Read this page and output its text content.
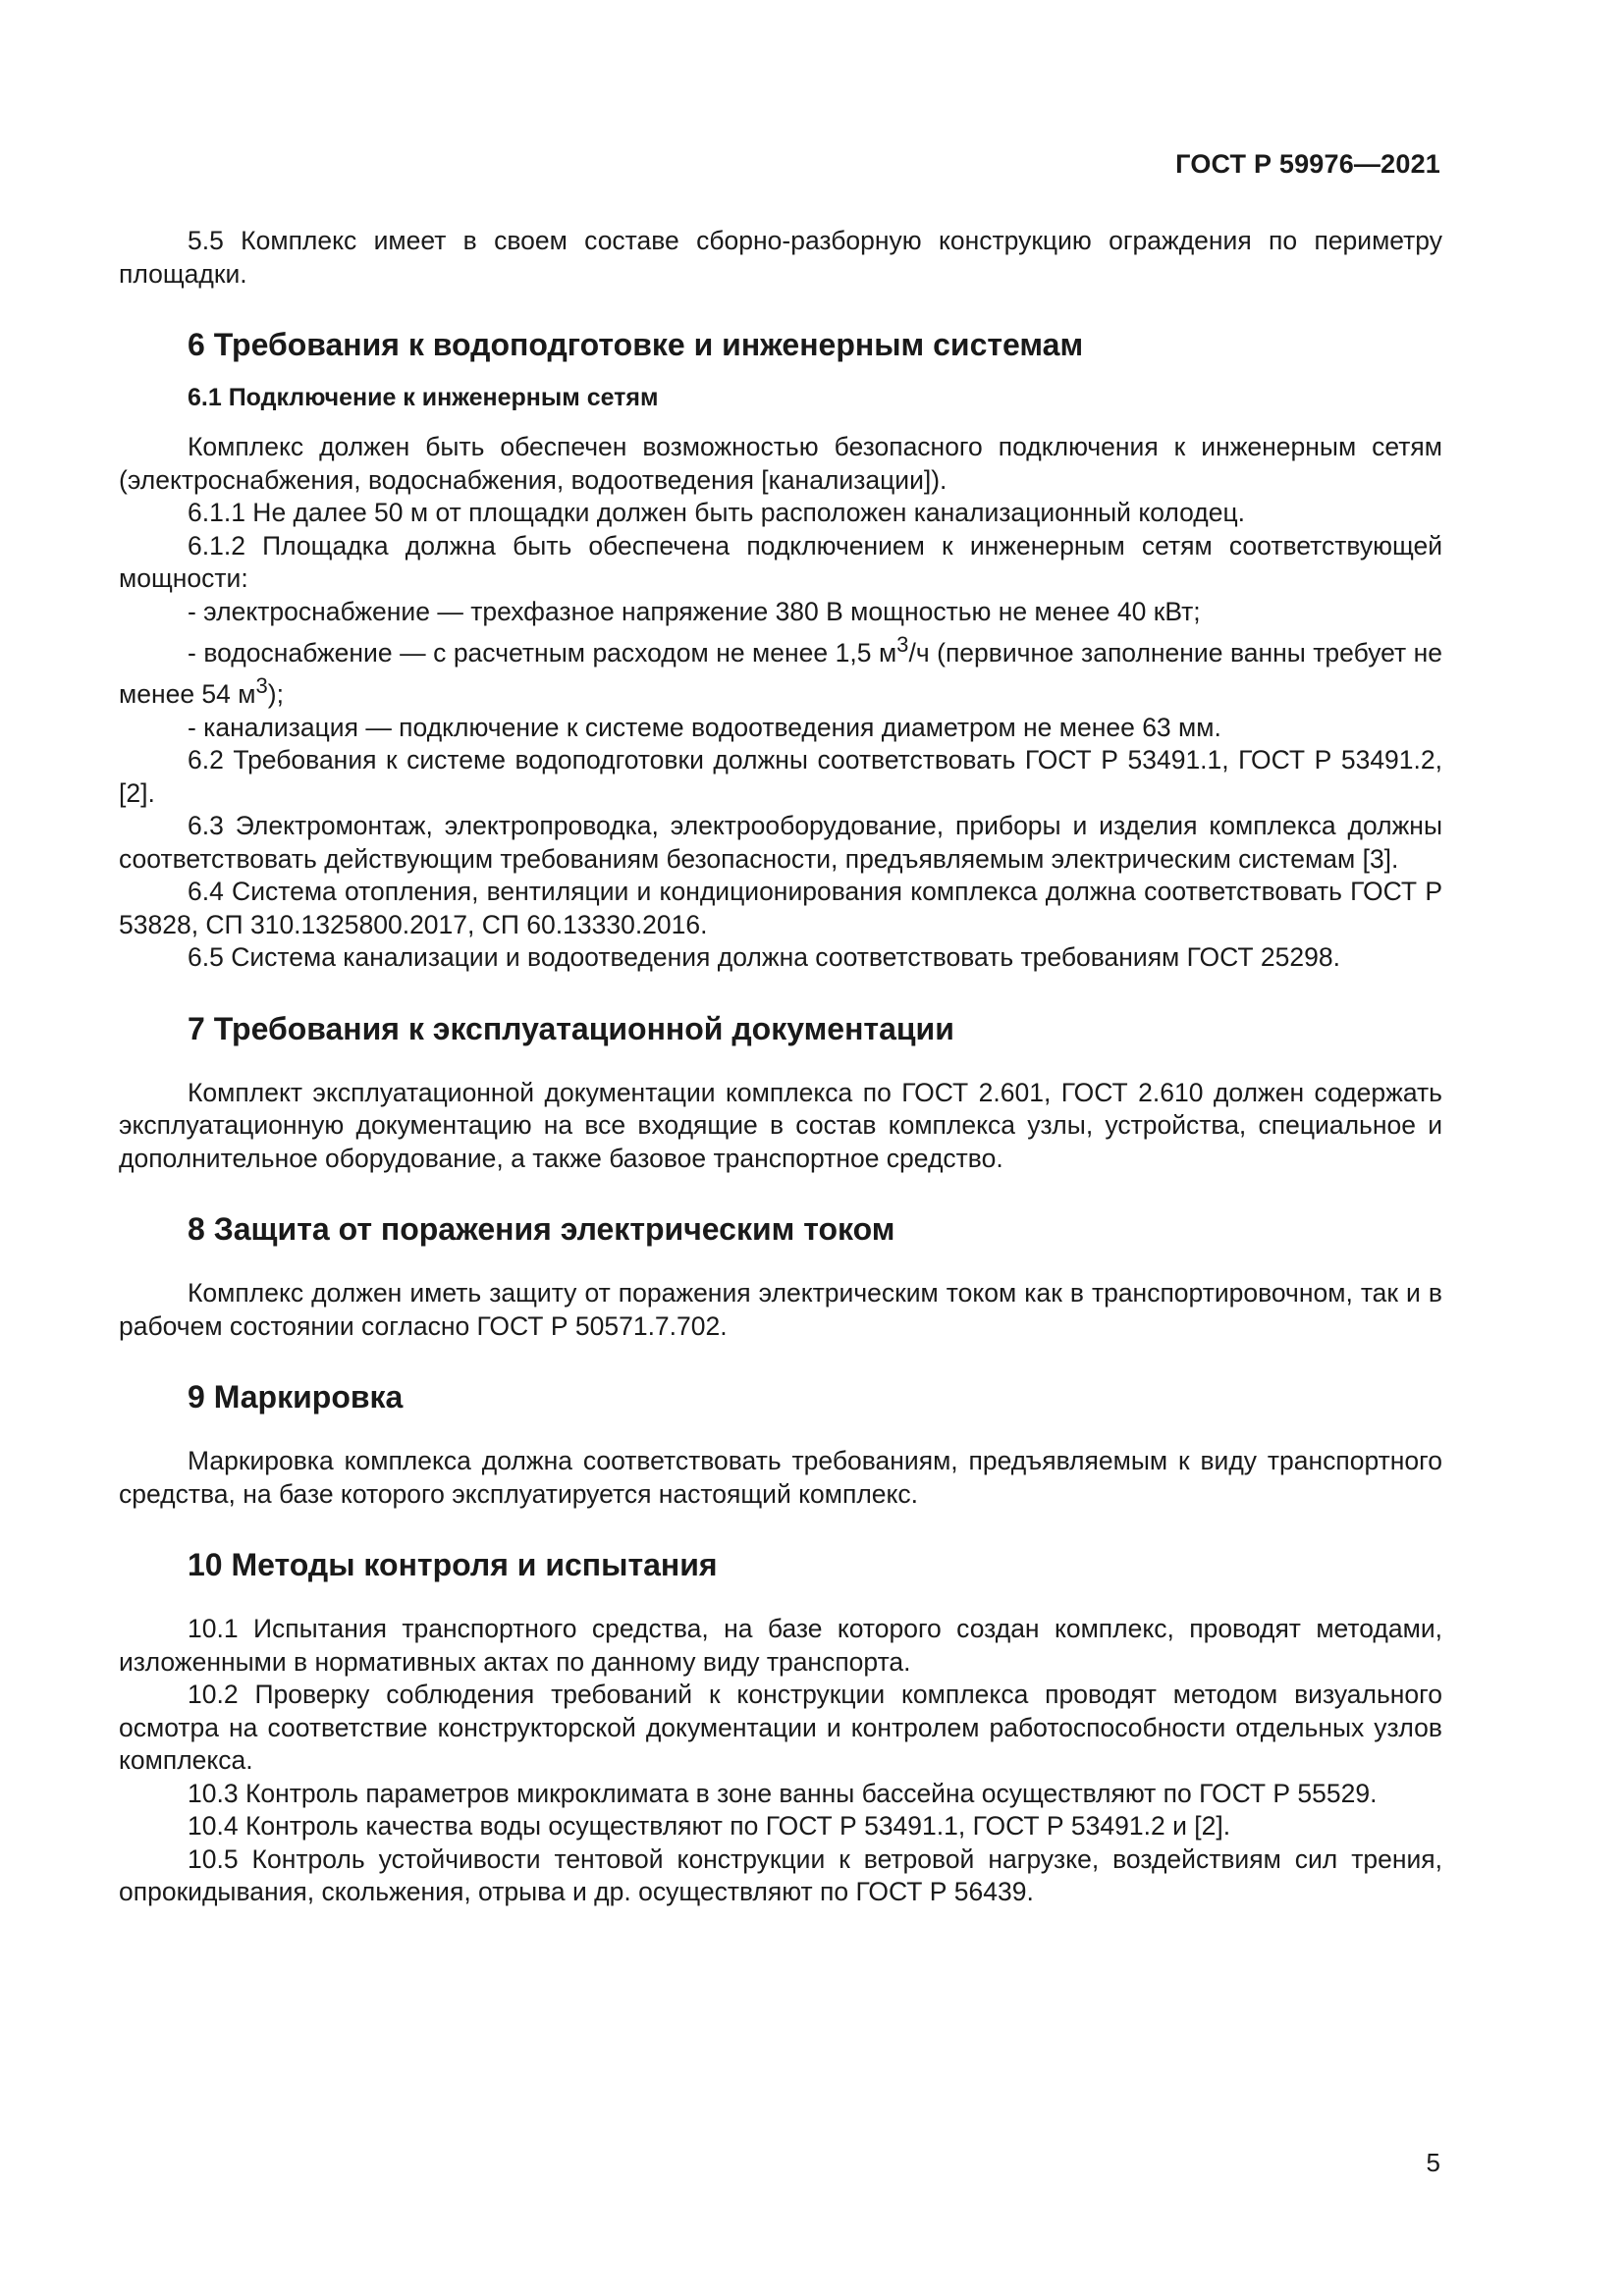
ГОСТ Р 59976—2021

5.5 Комплекс имеет в своем составе сборно-разборную конструкцию ограждения по периметру площадки.

6 Требования к водоподготовке и инженерным системам
6.1 Подключение к инженерным сетям

Комплекс должен быть обеспечен возможностью безопасного подключения к инженерным сетям (электроснабжения, водоснабжения, водоотведения [канализации]).

6.1.1 Не далее 50 м от площадки должен быть расположен канализационный колодец.

6.1.2 Площадка должна быть обеспечена подключением к инженерным сетям соответствующей мощности:

- электроснабжение — трехфазное напряжение 380 В мощностью не менее 40 кВт;

- водоснабжение — с расчетным расходом не менее 1,5 $м^3/ч$ (первичное заполнение ванны требует не менее 54 $м^3$);

- канализация — подключение к системе водоотведения диаметром не менее 63 мм.

6.2 Требования к системе водоподготовки должны соответствовать ГОСТ Р 53491.1, ГОСТ Р 53491.2, [2].

6.3 Электромонтаж, электропроводка, электрооборудование, приборы и изделия комплекса должны соответствовать действующим требованиям безопасности, предъявляемым электрическим системам [3].

6.4 Система отопления, вентиляции и кондиционирования комплекса должна соответствовать ГОСТ Р 53828, СП 310.1325800.2017, СП 60.13330.2016.

6.5 Система канализации и водоотведения должна соответствовать требованиям ГОСТ 25298.

7 Требования к эксплуатационной документации

Комплект эксплуатационной документации комплекса по ГОСТ 2.601, ГОСТ 2.610 должен содержать эксплуатационную документацию на все входящие в состав комплекса узлы, устройства, специальное и дополнительное оборудование, а также базовое транспортное средство.

8 Защита от поражения электрическим током

Комплекс должен иметь защиту от поражения электрическим током как в транспортировочном, так и в рабочем состоянии согласно ГОСТ Р 50571.7.702.

9 Маркировка

Маркировка комплекса должна соответствовать требованиям, предъявляемым к виду транспортного средства, на базе которого эксплуатируется настоящий комплекс.

10 Методы контроля и испытания

10.1 Испытания транспортного средства, на базе которого создан комплекс, проводят методами, изложенными в нормативных актах по данному виду транспорта.

10.2 Проверку соблюдения требований к конструкции комплекса проводят методом визуального осмотра на соответствие конструкторской документации и контролем работоспособности отдельных узлов комплекса.

10.3 Контроль параметров микроклимата в зоне ванны бассейна осуществляют по ГОСТ Р 55529.

10.4 Контроль качества воды осуществляют по ГОСТ Р 53491.1, ГОСТ Р 53491.2 и [2].

10.5 Контроль устойчивости тентовой конструкции к ветровой нагрузке, воздействиям сил трения, опрокидывания, скольжения, отрыва и др. осуществляют по ГОСТ Р 56439.

5
